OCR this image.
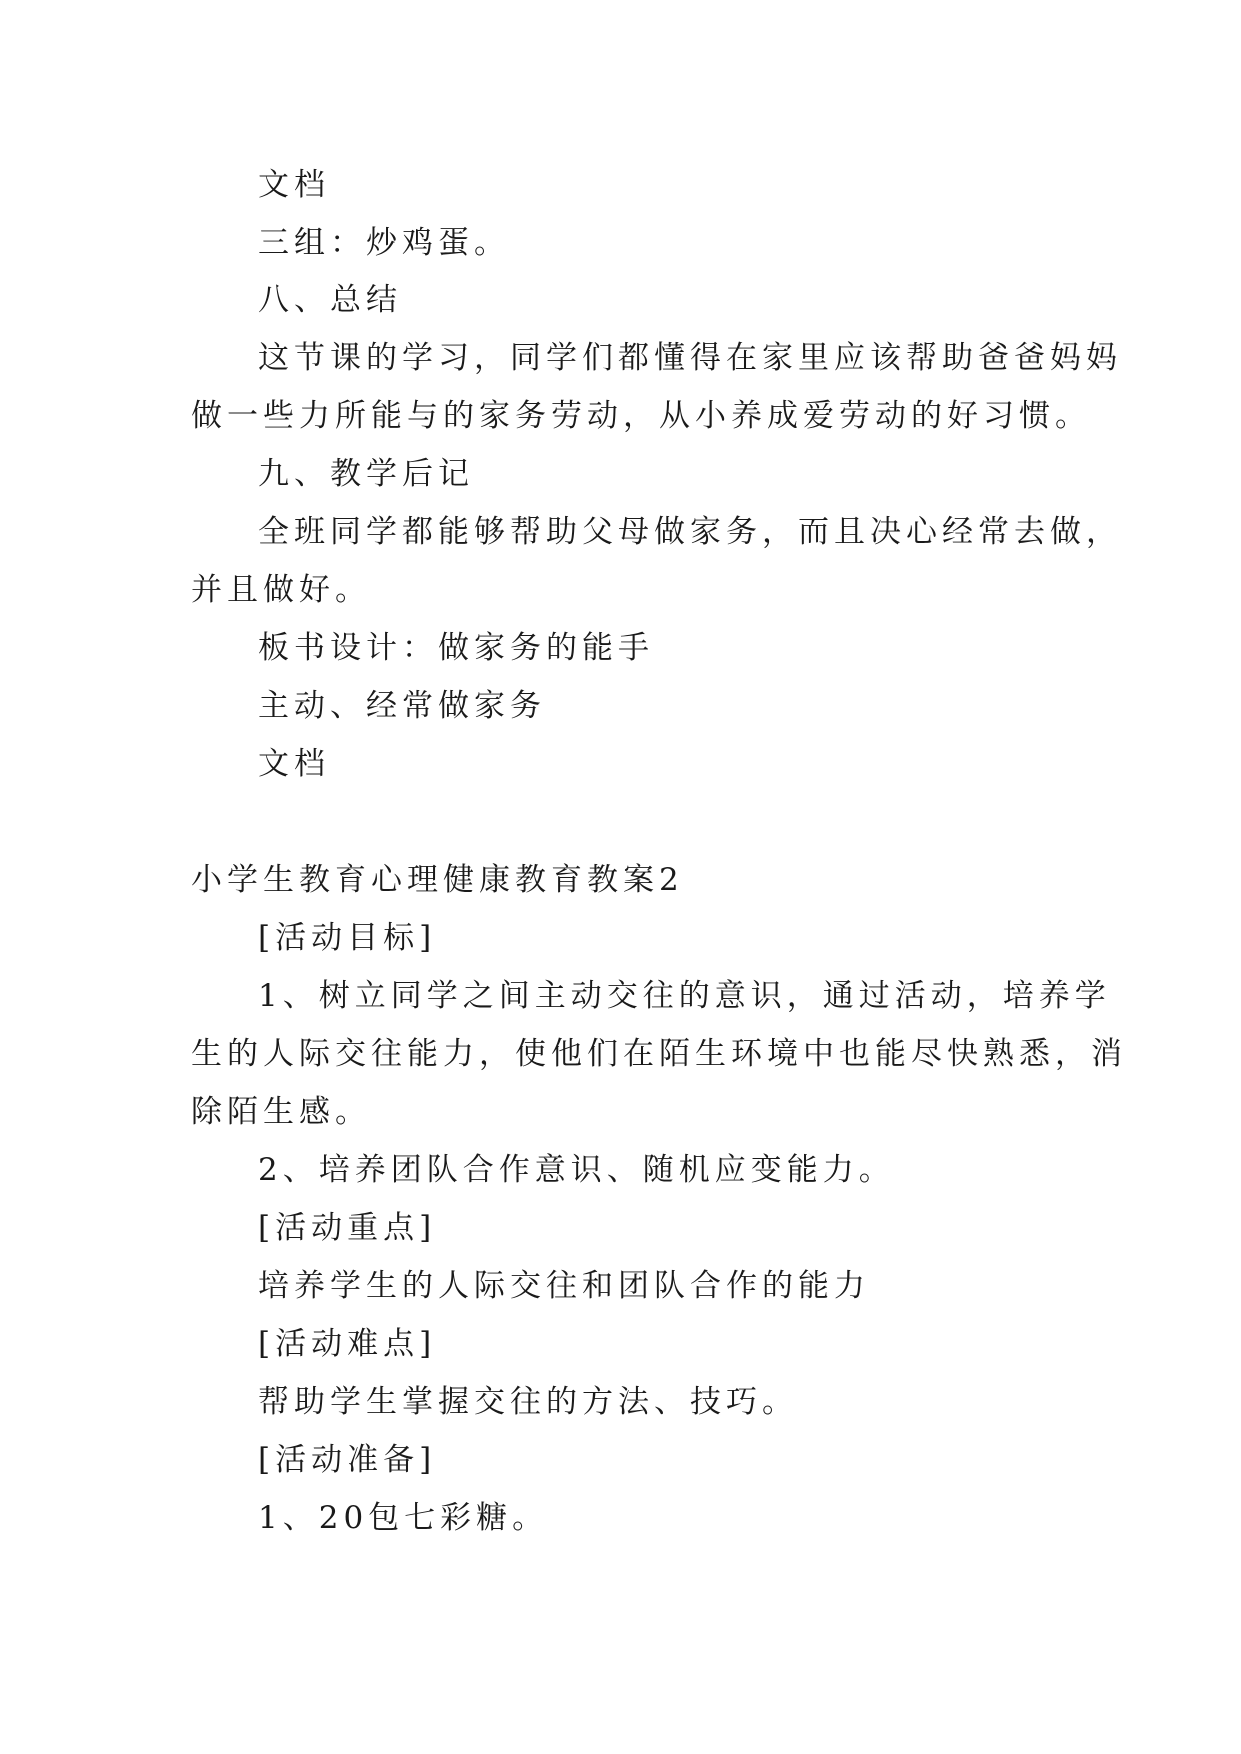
文档
三组：炒鸡蛋。
八、总结
这节课的学习，同学们都懂得在家里应该帮助爸爸妈妈
做一些力所能与的家务劳动，从小养成爱劳动的好习惯。
九、教学后记
全班同学都能够帮助父母做家务，而且决心经常去做，
并且做好。
板书设计：做家务的能手
主动、经常做家务
文档
小学生教育心理健康教育教案2
[活动目标]
1、树立同学之间主动交往的意识，通过活动，培养学
生的人际交往能力，使他们在陌生环境中也能尽快熟悉，消
除陌生感。
2、培养团队合作意识、随机应变能力。
[活动重点]
培养学生的人际交往和团队合作的能力
[活动难点]
帮助学生掌握交往的方法、技巧。
[活动准备]
1、20包七彩糖。
